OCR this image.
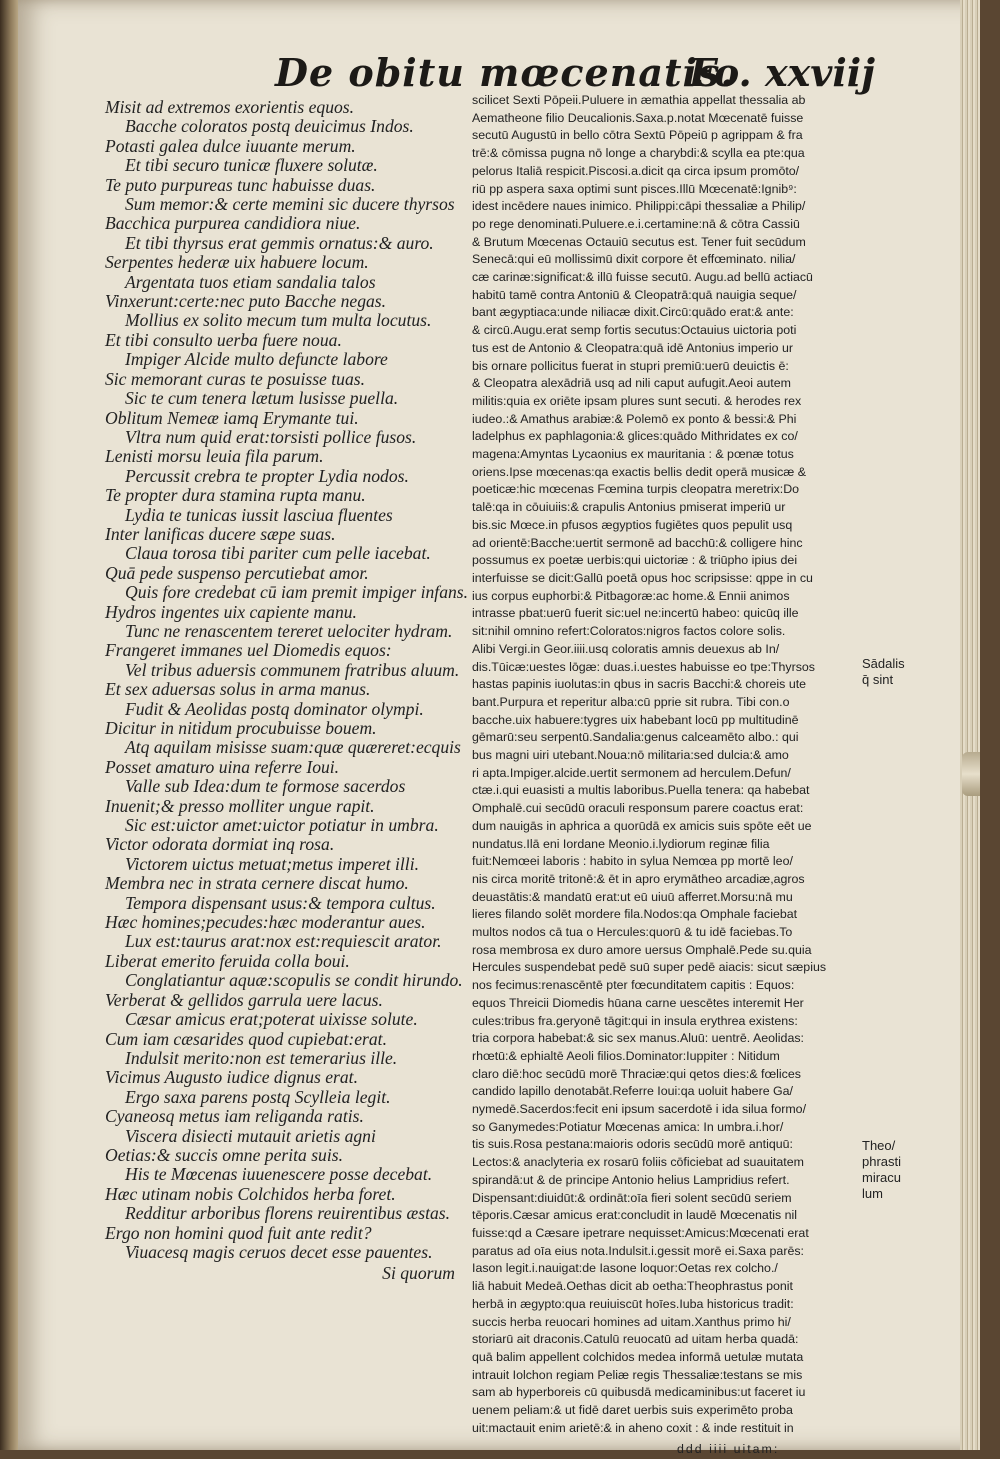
De obitu mœcenatis.
Fo. xxviij
Misit ad extremos exorientis equos.
Bacche coloratos postq deuicimus Indos.
Potasti galea dulce iuuante merum.
Et tibi securo tunicæ fluxere solutæ.
Te puto purpureas tunc habuisse duas.
Sum memor:& certe memini sic ducere thyrsos
Bacchica purpurea candidiora niue.
Et tibi thyrsus erat gemmis ornatus:& auro.
Serpentes hederæ uix habuere locum.
Argentata tuos etiam sandalia talos
Vinxerunt:certe:nec puto Bacche negas.
Mollius ex solito mecum tum multa locutus.
Et tibi consulto uerba fuere noua.
Impiger Alcide multo defuncte labore
Sic memorant curas te posuisse tuas.
Sic te cum tenera lætum lusisse puella.
Oblitum Nemeæ iamq Erymante tui.
Vltra num quid erat:torsisti pollice fusos.
Lenisti morsu leuia fila parum.
Percussit crebra te propter Lydia nodos.
Te propter dura stamina rupta manu.
Lydia te tunicas iussit lasciua fluentes
Inter lanificas ducere sæpe suas.
Claua torosa tibi pariter cum pelle iacebat.
Quā pede suspenso percutiebat amor.
Quis fore credebat cū iam premit impiger infans.
Hydros ingentes uix capiente manu.
Tunc ne renascentem tereret uelociter hydram.
Frangeret immanes uel Diomedis equos:
Vel tribus aduersis communem fratribus aluum.
Et sex aduersas solus in arma manus.
Fudit & Aeolidas postq dominator olympi.
Dicitur in nitidum procubuisse bouem.
Atq aquilam misisse suam:quæ quæreret:ecquis
Posset amaturo uina referre Ioui.
Valle sub Idea:dum te formose sacerdos
Inuenit;& presso molliter ungue rapit.
Sic est:uictor amet:uictor potiatur in umbra.
Victor odorata dormiat inq rosa.
Victorem uictus metuat;metus imperet illi.
Membra nec in strata cernere discat humo.
Tempora dispensant usus:& tempora cultus.
Hæc homines;pecudes:hæc moderantur aues.
Lux est:taurus arat:nox est:requiescit arator.
Liberat emerito feruida colla boui.
Conglatiantur aquæ:scopulis se condit hirundo.
Verberat & gellidos garrula uere lacus.
Cæsar amicus erat;poterat uixisse solute.
Cum iam cæsarides quod cupiebat:erat.
Indulsit merito:non est temerarius ille.
Vicimus Augusto iudice dignus erat.
Ergo saxa parens postq Scylleia legit.
Cyaneosq metus iam religanda ratis.
Viscera disiecti mutauit arietis agni
Oetias:& succis omne perita suis.
His te Mœcenas iuuenescere posse decebat.
Hæc utinam nobis Colchidos herba foret.
Redditur arboribus florens reuirentibus æstas.
Ergo non homini quod fuit ante redit?
Viuacesq magis ceruos decet esse pauentes.
Si quorum
scilicet Sexti Pōpeii.Puluere in æmathia appellat thessalia ab
Aematheone filio Deucalionis.Saxa.p.notat Mœcenatē fuisse
secutū Augustū in bello cōtra Sextū Pōpeiū p agrippam & fra
trē:& cōmissa pugna nō longe a charybdi:& scylla ea pte:qua
pelorus Italiā respicit.Piscosi.a.dicit qa circa ipsum promōto/
riū pp aspera saxa optimi sunt pisces.Illū Mœcenatē:Ignib⁹:
idest incēdere naues inimico. Philippi:cāpi thessaliæ a Philip/
po rege denominati.Puluere.e.i.certamine:nā & cōtra Cassiū
& Brutum Mœcenas Octauiū secutus est. Tener fuit secūdum
Senecā:qui eū mollissimū dixit corpore ēt effœminato. nilia/
cæ carinæ:significat:& illū fuisse secutū. Augu.ad bellū actiacū
habitū tamē contra Antoniū & Cleopatrā:quā nauigia seque/
bant ægyptiaca:unde niliacæ dixit.Circū:quādo erat:& ante:
& circū.Augu.erat semp fortis secutus:Octauius uictoria poti
tus est de Antonio & Cleopatra:quā idē Antonius imperio ur
bis ornare pollicitus fuerat in stupri premiū:uerū deuictis ē:
& Cleopatra alexādriā usq ad nili caput aufugit.Aeoi autem
militis:quia ex oriēte ipsam plures sunt secuti. & herodes rex
iudeo.:& Amathus arabiæ:& Polemō ex ponto & bessi:& Phi
ladelphus ex paphlagonia:& glices:quādo Mithridates ex co/
magena:Amyntas Lycaonius ex mauritania : & pœnæ totus
oriens.Ipse mœcenas:qa exactis bellis dedit operā musicæ &
poeticæ:hic mœcenas Fœmina turpis cleopatra meretrix:Do
talē:qa in cōuiuiis:& crapulis Antonius pmiserat imperiū ur
bis.sic Mœce.in pfusos ægyptios fugiētes quos pepulit usq
ad orientē:Bacche:uertit sermonē ad bacchū:& colligere hinc
possumus ex poetæ uerbis:qui uictoriæ : & triūpho ipius dei
interfuisse se dicit:Gallū poetā opus hoc scripsisse: qppe in cu
ius corpus euphorbi:& Pitbagoræ:ac home.& Ennii animos
intrasse pbat:uerū fuerit sic:uel ne:incertū habeo: quicūq ille
sit:nihil omnino refert:Coloratos:nigros factos colore solis.
Alibi Vergi.in Geor.iiii.usq coloratis amnis deuexus ab In/
dis.Tūicæ:uestes lōgæ: duas.i.uestes habuisse eo tpe:Thyrsos
hastas papinis iuolutas:in qbus in sacris Bacchi:& choreis ute
bant.Purpura et reperitur alba:cū pprie sit rubra. Tibi con.o
bacche.uix habuere:tygres uix habebant locū pp multitudinē
gēmarū:seu serpentū.Sandalia:genus calceamēto albo.: qui
bus magni uiri utebant.Noua:nō militaria:sed dulcia:& amo
ri apta.Impiger.alcide.uertit sermonem ad herculem.Defun/
ctæ.i.qui euasisti a multis laboribus.Puella tenera: qa habebat
Omphalē.cui secūdū oraculi responsum parere coactus erat:
dum nauigās in aphrica a quorūdā ex amicis suis spōte eēt ue
nundatus.Ilā eni Iordane Meonio.i.lydiorum reginæ filia
fuit:Nemœei laboris : habito in sylua Nemœa pp mortē leo/
nis circa moritē tritonē:& ēt in apro erymātheo arcadiæ,agros
deuastātis:& mandatū erat:ut eū uiuū afferret.Morsu:nā mu
lieres filando solēt mordere fila.Nodos:qa Omphale faciebat
multos nodos cā tua o Hercules:quorū & tu idē faciebas.To
rosa membrosa ex duro amore uersus Omphalē.Pede su.quia
Hercules suspendebat pedē suū super pedē aiacis: sicut sæpius
nos fecimus:renascēntē pter fœcunditatem capitis : Equos:
equos Threicii Diomedis hūana carne uescētes interemit Her
cules:tribus fra.geryonē tāgit:qui in insula erythrea existens:
tria corpora habebat:& sic sex manus.Aluū: uentrē. Aeolidas:
rhœtū:& ephialtē Aeoli filios.Dominator:Iuppiter : Nitidum
claro diē:hoc secūdū morē Thraciæ:qui qetos dies:& fœlices
candido lapillo denotabāt.Referre Ioui:qa uoluit habere Ga/
nymedē.Sacerdos:fecit eni ipsum sacerdotē i ida silua formo/
so Ganymedes:Potiatur Mœcenas amica: In umbra.i.hor/
tis suis.Rosa pestana:maioris odoris secūdū morē antiquū:
Lectos:& anaclyteria ex rosarū foliis cōficiebat ad suauitatem
spirandā:ut & de principe Antonio helius Lampridius refert.
Dispensant:diuidūt:& ordināt:oīa fieri solent secūdū seriem
tēporis.Cæsar amicus erat:concludit in laudē Mœcenatis nil
fuisse:qd a Cæsare ipetrare nequisset:Amicus:Mœcenati erat
paratus ad oīa eius nota.Indulsit.i.gessit morē ei.Saxa parēs:
Iason legit.i.nauigat:de Iasone loquor:Oetas rex colcho./
liā habuit Medeā.Oethas dicit ab oetha:Theophrastus ponit
herbā in ægypto:qua reuiuiscūt hoīes.Iuba historicus tradit:
succis herba reuocari homines ad uitam.Xanthus primo hi/
storiarū ait draconis.Catulū reuocatū ad uitam herba quadā:
quā balim appellent colchidos medea informā uetulæ mutata
intrauit Iolchon regiam Peliæ regis Thessaliæ:testans se mis
sam ab hyperboreis cū quibusdā medicaminibus:ut faceret iu
uenem peliam:& ut fidē daret uerbis suis experimēto proba
uit:mactauit enim arietē:& in aheno coxit : & inde restituit in
ddd iiii uitam:
Sādalis
q̄ sint
Theo/
phrasti
miracu
lum
